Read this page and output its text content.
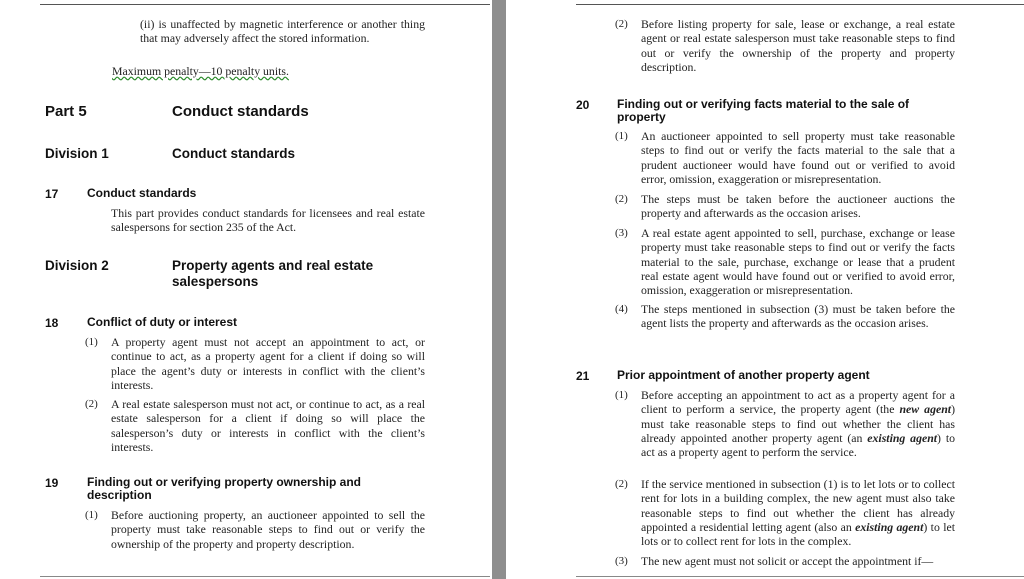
(ii) is unaffected by magnetic interference or another thing that may adversely affect the stored information.
Maximum penalty—10 penalty units.
Part 5	Conduct standards
Division 1	Conduct standards
17 Conduct standards
This part provides conduct standards for licensees and real estate salespersons for section 235 of the Act.
Division 2	Property agents and real estate salespersons
18 Conflict of duty or interest
(1) A property agent must not accept an appointment to act, or continue to act, as a property agent for a client if doing so will place the agent’s duty or interests in conflict with the client’s interests.
(2) A real estate salesperson must not act, or continue to act, as a real estate salesperson for a client if doing so will place the salesperson’s duty or interests in conflict with the client’s interests.
19 Finding out or verifying property ownership and description
(1) Before auctioning property, an auctioneer appointed to sell the property must take reasonable steps to find out or verify the ownership of the property and property description.
(2) Before listing property for sale, lease or exchange, a real estate agent or real estate salesperson must take reasonable steps to find out or verify the ownership of the property and property description.
20 Finding out or verifying facts material to the sale of property
(1) An auctioneer appointed to sell property must take reasonable steps to find out or verify the facts material to the sale that a prudent auctioneer would have found out or verified to avoid error, omission, exaggeration or misrepresentation.
(2) The steps must be taken before the auctioneer auctions the property and afterwards as the occasion arises.
(3) A real estate agent appointed to sell, purchase, exchange or lease property must take reasonable steps to find out or verify the facts material to the sale, purchase, exchange or lease that a prudent real estate agent would have found out or verified to avoid error, omission, exaggeration or misrepresentation.
(4) The steps mentioned in subsection (3) must be taken before the agent lists the property and afterwards as the occasion arises.
21 Prior appointment of another property agent
(1) Before accepting an appointment to act as a property agent for a client to perform a service, the property agent (the new agent) must take reasonable steps to find out whether the client has already appointed another property agent (an existing agent) to act as a property agent to perform the service.
(2) If the service mentioned in subsection (1) is to let lots or to collect rent for lots in a building complex, the new agent must also take reasonable steps to find out whether the client has already appointed a residential letting agent (also an existing agent) to let lots or to collect rent for lots in the complex.
(3) The new agent must not solicit or accept the appointment if—
